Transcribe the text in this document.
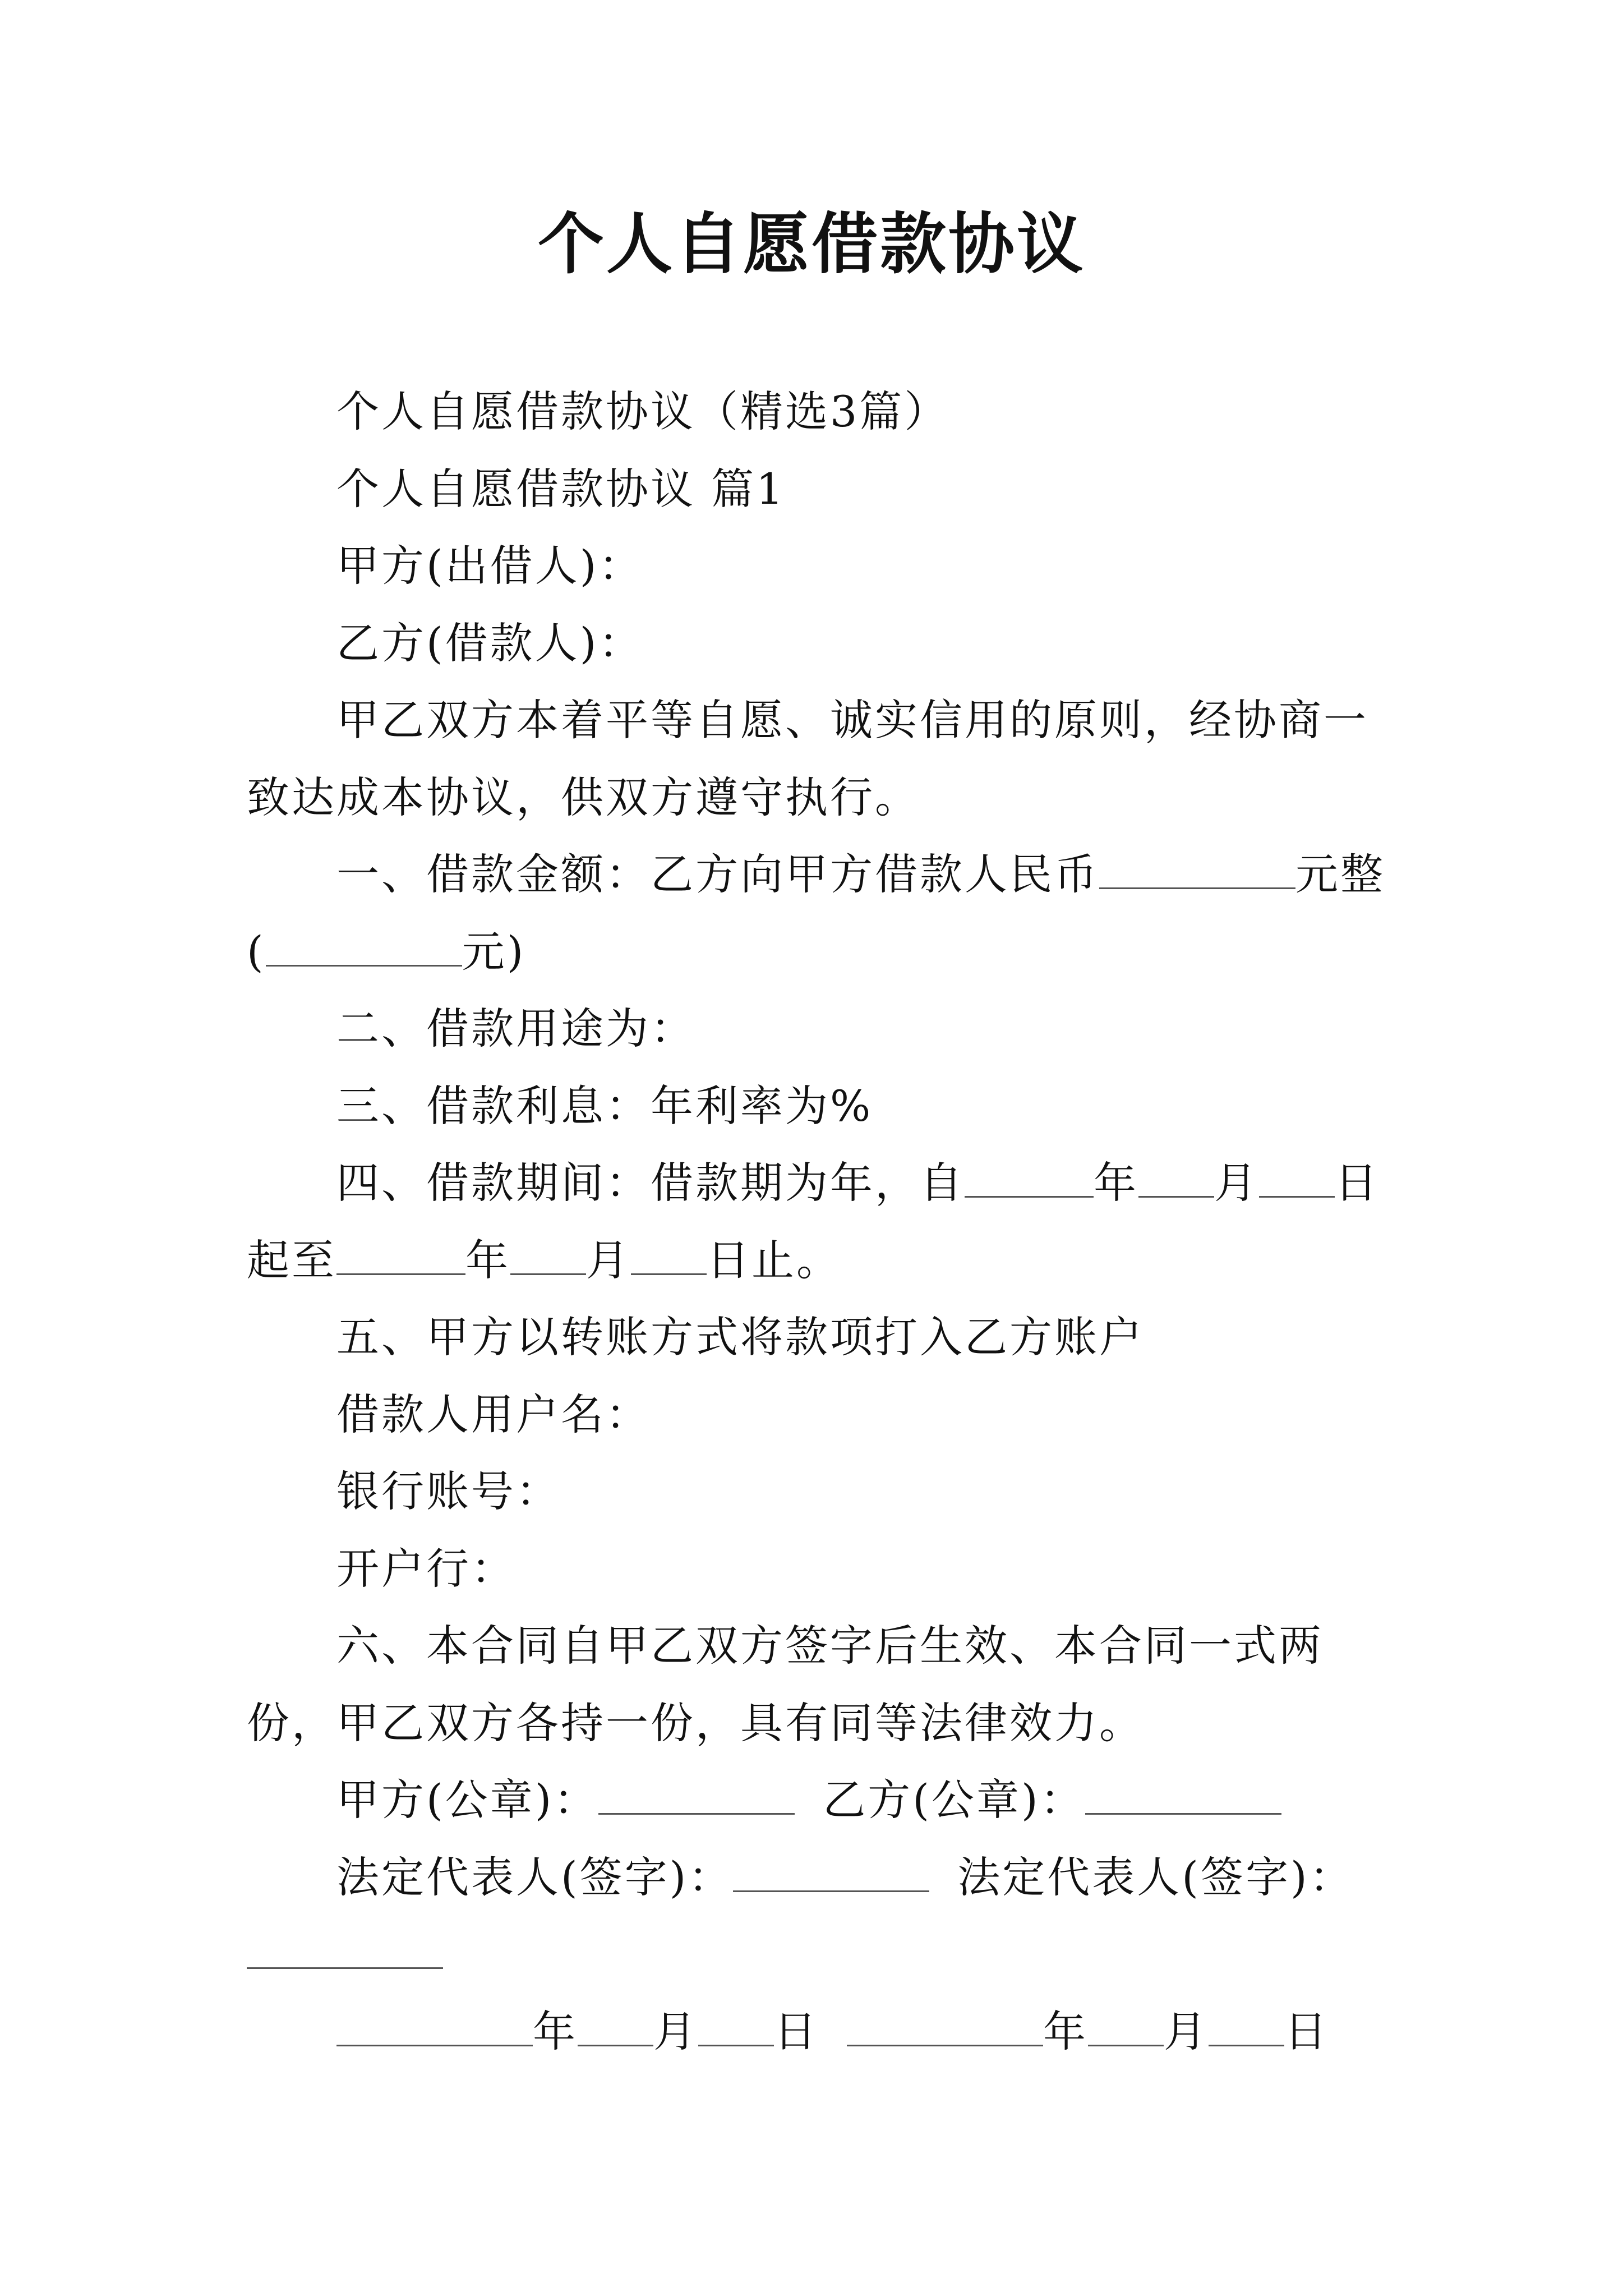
个人自愿借款协议

个人自愿借款协议（精选3篇）

个人自愿借款协议 篇1

甲方(出借人)：

乙方(借款人)：

甲乙双方本着平等自愿、诚实信用的原则，经协商一致达成本协议，供双方遵守执行。

一、借款金额：乙方向甲方借款人民币	元整(	元)

二、借款用途为：

三、借款利息：年利率为%

四、借款期间：借款期为年，自	年 月 日起至	年 月 日止。

五、甲方以转账方式将款项打入乙方账户

借款人用户名：

银行账号：

开户行：

六、本合同自甲乙双方签字后生效、本合同一式两份，甲乙双方各持一份，具有同等法律效力。

甲方(公章)：	乙方(公章)：

法定代表人(签字)：	法定代表人(签字)：

年 月 日	年 月 日
